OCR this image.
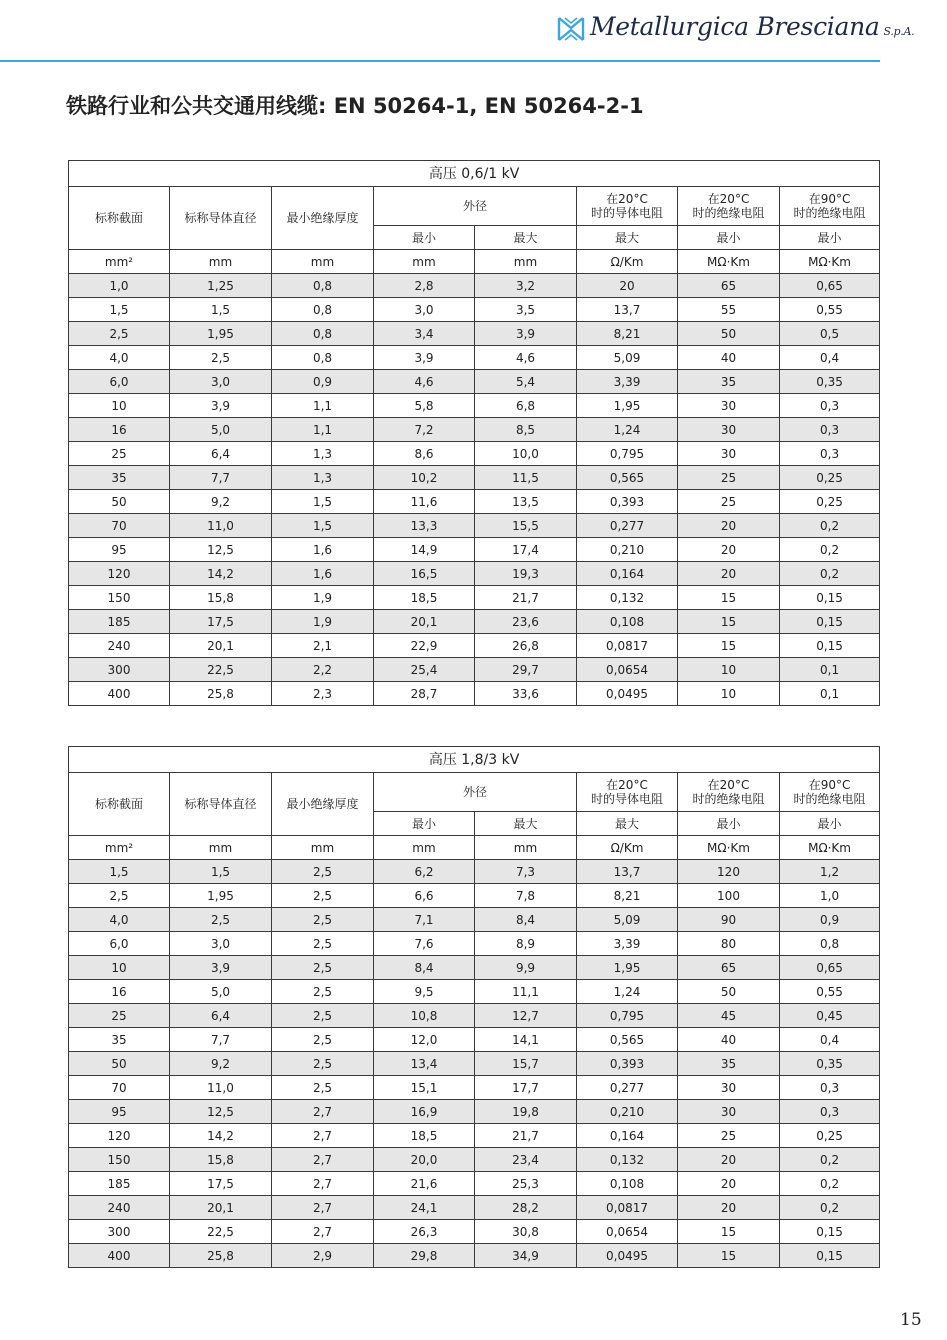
Metallurgica Bresciana S.p.A.
铁路行业和公共交通用线缆: EN 50264-1, EN 50264-2-1
高压 0,6/1 kV							
标称截面	标称导体直径	最小绝缘厚度	外径		在20°C
时的导体电阻	在20°C
时的绝缘电阻	在90°C
时的绝缘电阻
			最小	最大	最大	最小	最小
mm²	mm	mm	mm	mm	Ω/Km	MΩ·Km	MΩ·Km
1,0	1,25	0,8	2,8	3,2	20	65	0,65
1,5	1,5	0,8	3,0	3,5	13,7	55	0,55
2,5	1,95	0,8	3,4	3,9	8,21	50	0,5
4,0	2,5	0,8	3,9	4,6	5,09	40	0,4
6,0	3,0	0,9	4,6	5,4	3,39	35	0,35
10	3,9	1,1	5,8	6,8	1,95	30	0,3
16	5,0	1,1	7,2	8,5	1,24	30	0,3
25	6,4	1,3	8,6	10,0	0,795	30	0,3
35	7,7	1,3	10,2	11,5	0,565	25	0,25
50	9,2	1,5	11,6	13,5	0,393	25	0,25
70	11,0	1,5	13,3	15,5	0,277	20	0,2
95	12,5	1,6	14,9	17,4	0,210	20	0,2
120	14,2	1,6	16,5	19,3	0,164	20	0,2
150	15,8	1,9	18,5	21,7	0,132	15	0,15
185	17,5	1,9	20,1	23,6	0,108	15	0,15
240	20,1	2,1	22,9	26,8	0,0817	15	0,15
300	22,5	2,2	25,4	29,7	0,0654	10	0,1
400	25,8	2,3	28,7	33,6	0,0495	10	0,1
高压 1,8/3 kV							
标称截面	标称导体直径	最小绝缘厚度	外径		在20°C
时的导体电阻	在20°C
时的绝缘电阻	在90°C
时的绝缘电阻
			最小	最大	最大	最小	最小
mm²	mm	mm	mm	mm	Ω/Km	MΩ·Km	MΩ·Km
1,5	1,5	2,5	6,2	7,3	13,7	120	1,2
2,5	1,95	2,5	6,6	7,8	8,21	100	1,0
4,0	2,5	2,5	7,1	8,4	5,09	90	0,9
6,0	3,0	2,5	7,6	8,9	3,39	80	0,8
10	3,9	2,5	8,4	9,9	1,95	65	0,65
16	5,0	2,5	9,5	11,1	1,24	50	0,55
25	6,4	2,5	10,8	12,7	0,795	45	0,45
35	7,7	2,5	12,0	14,1	0,565	40	0,4
50	9,2	2,5	13,4	15,7	0,393	35	0,35
70	11,0	2,5	15,1	17,7	0,277	30	0,3
95	12,5	2,7	16,9	19,8	0,210	30	0,3
120	14,2	2,7	18,5	21,7	0,164	25	0,25
150	15,8	2,7	20,0	23,4	0,132	20	0,2
185	17,5	2,7	21,6	25,3	0,108	20	0,2
240	20,1	2,7	24,1	28,2	0,0817	20	0,2
300	22,5	2,7	26,3	30,8	0,0654	15	0,15
400	25,8	2,9	29,8	34,9	0,0495	15	0,15
15
